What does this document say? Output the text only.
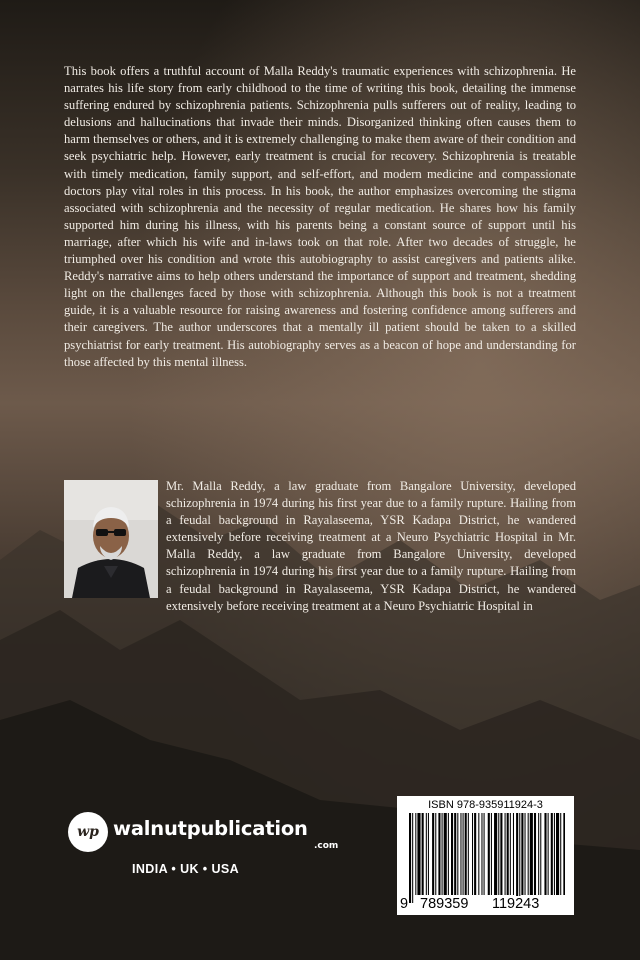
This book offers a truthful account of Malla Reddy's traumatic experiences with schizophrenia. He narrates his life story from early childhood to the time of writing this book, detailing the immense suffering endured by schizophrenia patients. Schizophrenia pulls sufferers out of reality, leading to delusions and hallucinations that invade their minds. Disorganized thinking often causes them to harm themselves or others, and it is extremely challenging to make them aware of their condition and seek psychiatric help. However, early treatment is crucial for recovery. Schizophrenia is treatable with timely medication, family support, and self-effort, and modern medicine and compassionate doctors play vital roles in this process. In his book, the author emphasizes overcoming the stigma associated with schizophrenia and the necessity of regular medication. He shares how his family supported him during his illness, with his parents being a constant source of support until his marriage, after which his wife and in-laws took on that role. After two decades of struggle, he triumphed over his condition and wrote this autobiography to assist caregivers and patients alike. Reddy's narrative aims to help others understand the importance of support and treatment, shedding light on the challenges faced by those with schizophrenia. Although this book is not a treatment guide, it is a valuable resource for raising awareness and fostering confidence among sufferers and their caregivers. The author underscores that a mentally ill patient should be taken to a skilled psychiatrist for early treatment. His autobiography serves as a beacon of hope and understanding for those affected by this mental illness.

Mr. Malla Reddy, a law graduate from Bangalore University, developed schizophrenia in 1974 during his first year due to a family rupture. Hailing from a feudal background in Rayalaseema, YSR Kadapa District, he wandered extensively before receiving treatment at a Neuro Psychiatric Hospital in Mr. Malla Reddy, a law graduate from Bangalore University, developed schizophrenia in 1974 during his first year due to a family rupture. Hailing from a feudal background in Rayalaseema, YSR Kadapa District, he wandered extensively before receiving treatment at a Neuro Psychiatric Hospital in

wp walnutpublication
.com
INDIA • UK • USA
ISBN 978-935911924-3
9 789359 119243
